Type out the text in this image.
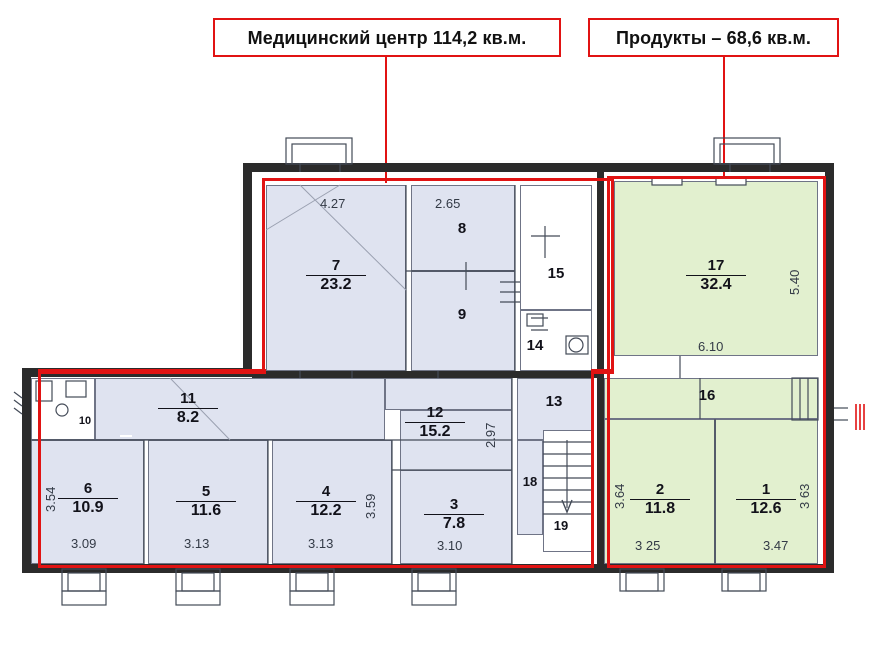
Медицинский центр 114,2 кв.м.	Продукты – 68,6 кв.м.
7
23.2
8
9
15
14
17
32.4
16
2
11.8
1
12.6
11
8.2	12
15.2
13
6
10.9
5
11.6
4
12.2	3
7.8
18
19
10
4.27	2.65
5.40
6.10
2.97
3.59
3.54
3.09	3.13	3.13	3.10
3.64
3 25
3 63
3.47
